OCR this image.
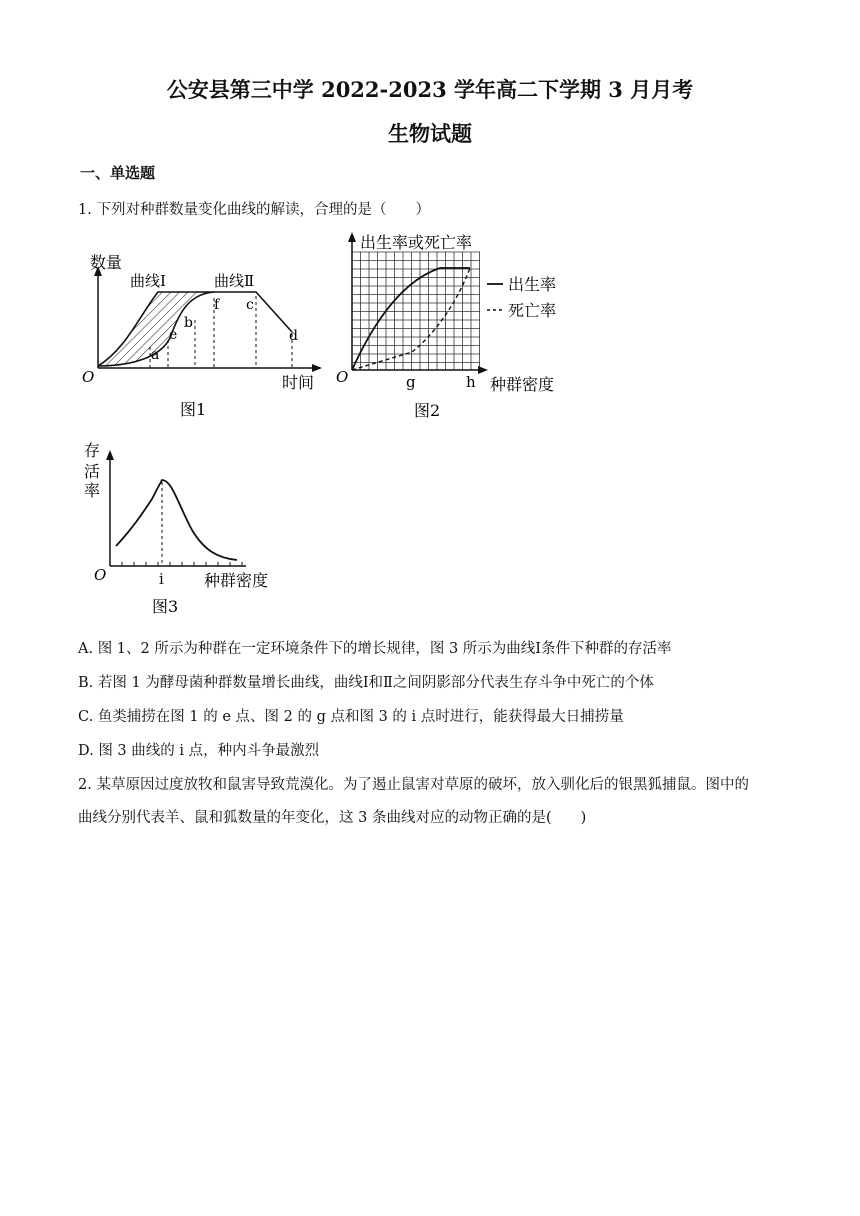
公安县第三中学 2022-2023 学年高二下学期 3 月月考
生物试题
一、单选题
1. 下列对种群数量变化曲线的解读，合理的是（　　）
数量
曲线Ⅰ	曲线Ⅱ
O	时间
a
e
b
f c
d
图1
出生率或死亡率
出生率
死亡率
O	g	h 种群密度
图2
存
活
率
O	i	种群密度
图3
A. 图 1、2 所示为种群在一定环境条件下的增长规律，图 3 所示为曲线Ⅰ条件下种群的存活率
B. 若图 1 为酵母菌种群数量增长曲线，曲线Ⅰ和Ⅱ之间阴影部分代表生存斗争中死亡的个体
C. 鱼类捕捞在图 1 的 e 点、图 2 的 g 点和图 3 的 i 点时进行，能获得最大日捕捞量
D. 图 3 曲线的 i 点，种内斗争最激烈
2. 某草原因过度放牧和鼠害导致荒漠化。为了遏止鼠害对草原的破坏，放入驯化后的银黑狐捕鼠。图中的
曲线分别代表羊、鼠和狐数量的年变化，这 3 条曲线对应的动物正确的是(　　)
